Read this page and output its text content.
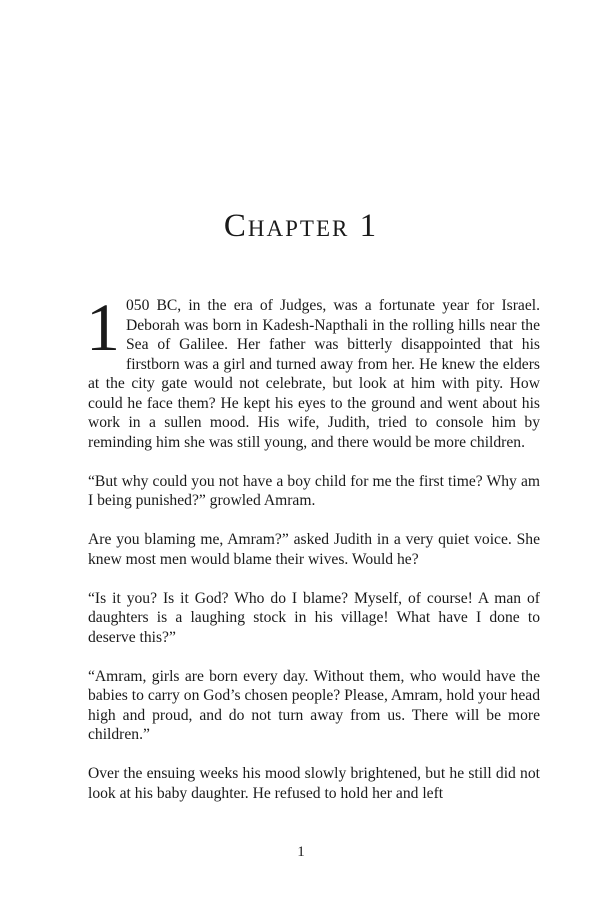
Chapter 1

1 050 BC, in the era of Judges, was a fortunate year for Israel. Deborah was born in Kadesh-Napthali in the rolling hills near the Sea of Galilee. Her father was bitterly disappointed that his firstborn was a girl and turned away from her. He knew the elders at the city gate would not celebrate, but look at him with pity. How could he face them? He kept his eyes to the ground and went about his work in a sullen mood. His wife, Judith, tried to console him by reminding him she was still young, and there would be more children.

“But why could you not have a boy child for me the first time? Why am I being punished?” growled Amram.

Are you blaming me, Amram?” asked Judith in a very quiet voice. She knew most men would blame their wives. Would he?

“Is it you? Is it God? Who do I blame? Myself, of course! A man of daughters is a laughing stock in his village! What have I done to deserve this?”

“Amram, girls are born every day. Without them, who would have the babies to carry on God’s chosen people? Please, Amram, hold your head high and proud, and do not turn away from us. There will be more children.”

Over the ensuing weeks his mood slowly brightened, but he still did not look at his baby daughter. He refused to hold her and left

1
